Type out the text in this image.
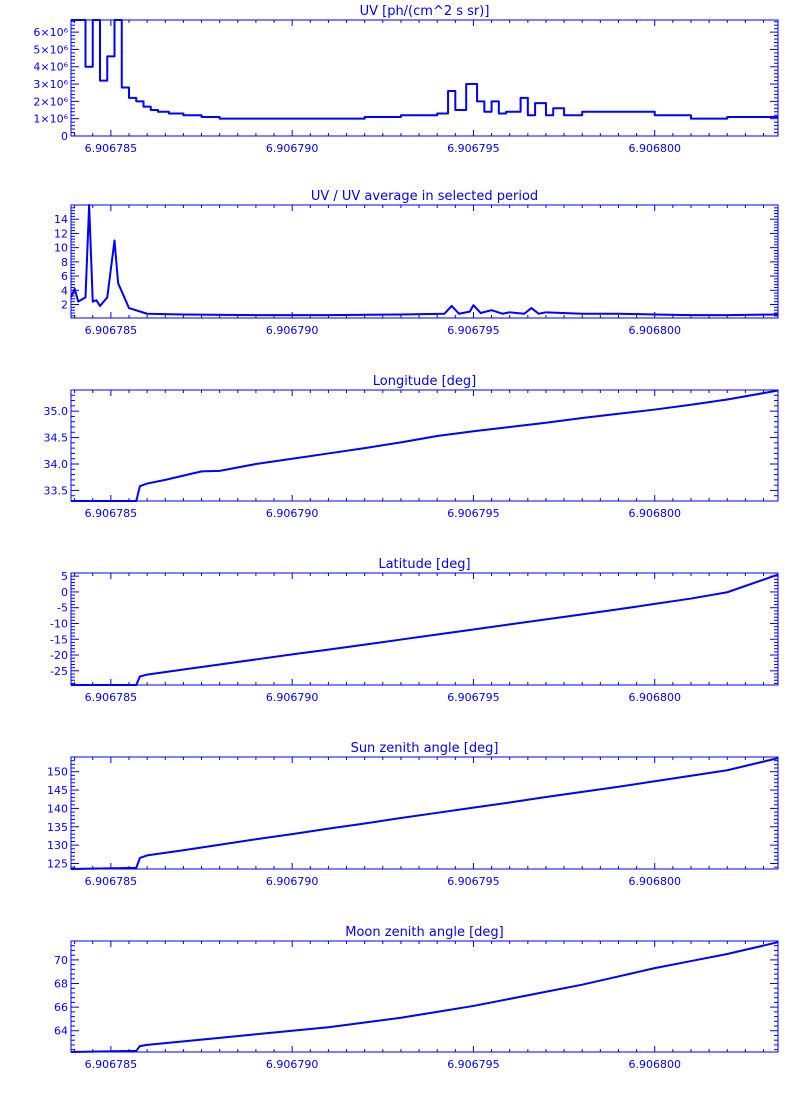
UV [ph/(cm^2 s sr)]
6.906785	6.906790	6.906795	6.906800
0
1×10⁶
2×10⁶
3×10⁶
4×10⁶
5×10⁶
6×10⁶
UV / UV average in selected period
6.906785	6.906790	6.906795	6.906800
2
4
6
8
10
12
14
Longitude [deg]
6.906785	6.906790	6.906795	6.906800
33.5
34.0
34.5
35.0
Latitude [deg]
6.906785	6.906790	6.906795	6.906800
-25
-20
-15
-10
-5
0
5
Sun zenith angle [deg]
6.906785	6.906790	6.906795	6.906800
125
130
135
140
145
150
Moon zenith angle [deg]
6.906785	6.906790	6.906795	6.906800
64
66
68
70
